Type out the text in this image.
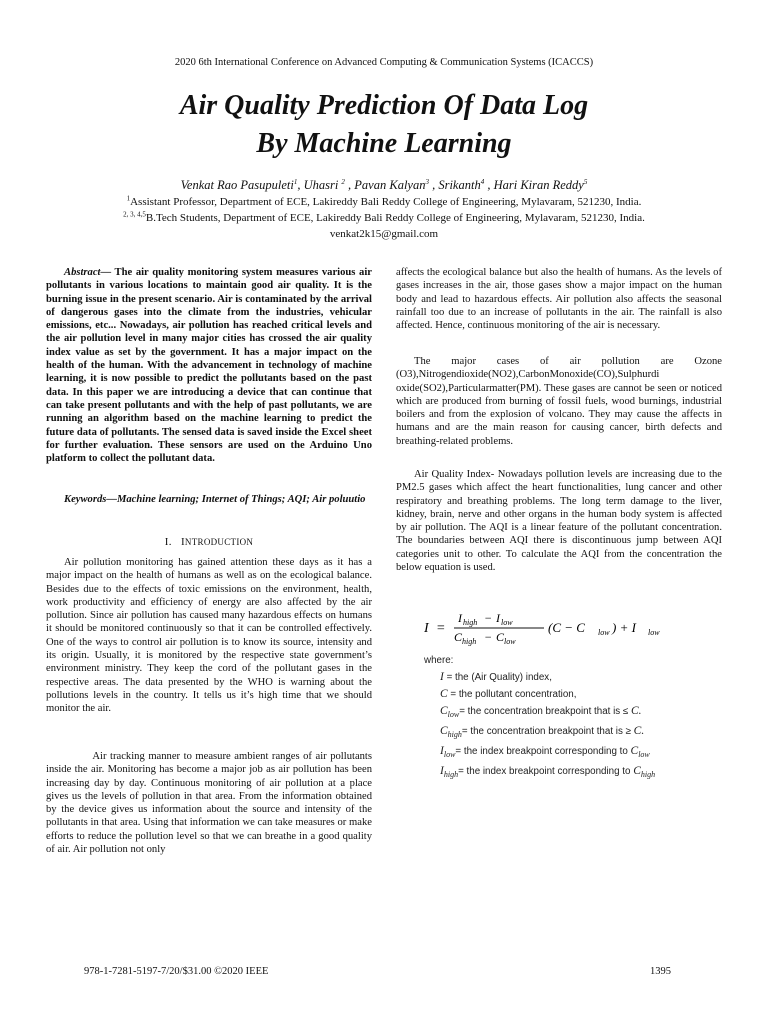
2020 6th International Conference on Advanced Computing & Communication Systems (ICACCS)
Air Quality Prediction Of Data Log
By Machine Learning
Venkat Rao Pasupuleti$^1$, Uhasri $^2$ , Pavan Kalyan$^3$ , Srikanth$^4$ , Hari Kiran Reddy$^5$
$^1$Assistant Professor, Department of ECE, Lakireddy Bali Reddy College of Engineering, Mylavaram, 521230, India.
$^{2, 3, 4,5}$B.Tech Students, Department of ECE, Lakireddy Bali Reddy College of Engineering, Mylavaram, 521230, India.
venkat2k15@gmail.com
Abstract— The air quality monitoring system measures various air pollutants in various locations to maintain good air quality. It is the burning issue in the present scenario. Air is contaminated by the arrival of dangerous gases into the climate from the industries, vehicular emissions, etc... Nowadays, air pollution has reached critical levels and the air pollution level in many major cities has crossed the air quality index value as set by the government. It has a major impact on the health of the human. With the advancement in technology of machine learning, it is now possible to predict the pollutants based on the past data. In this paper we are introducing a device that can continue that can take present pollutants and with the help of past pollutants, we are running an algorithm based on the machine learning to predict the future data of pollutants. The sensed data is saved inside the Excel sheet for further evaluation. These sensors are used on the Arduino Uno platform to collect the pollutant data.
Keywords—Machine learning; Internet of Things; AQI; Air poluutio
I. INTRODUCTION

Air pollution monitoring has gained attention these days as it has a major impact on the health of humans as well as on the ecological balance. Besides due to the effects of toxic emissions on the environment, health, work productivity and efficiency of energy are also affected by the air pollution. Since air pollution has caused many hazardous effects on humans it should be monitored continuously so that it can be controlled effectively. One of the ways to control air pollution is to know its source, intensity and its origin. Usually, it is monitored by the respective state government’s environment ministry. They keep the cord of the pollutant gases in the respective areas. The data presented by the WHO is warning about the pollutions levels in the country. It tells us it’s high time that we should monitor the air.

Air tracking manner to measure ambient ranges of air pollutants inside the air. Monitoring has become a major job as air pollution has been increasing day by day. Continuous monitoring of air pollution at a place gives us the levels of pollution in that area. From the information obtained by the device gives us information about the source and intensity of the pollutants in that area. Using that information we can take measures or make efforts to reduce the pollution level so that we can breathe in a good quality of air. Air pollution not only

affects the ecological balance but also the health of humans. As the levels of gases increases in the air, those gases show a major impact on the human body and lead to hazardous effects. Air pollution also affects the seasonal rainfall too due to an increase of pollutants in the air. The rainfall is also affected. Hence, continuous monitoring of the air is necessary.

The major cases of air pollution are Ozone (O3),Nitrogendioxide(NO2),CarbonMonoxide(CO),Sulphurdi oxide(SO2),Particularmatter(PM). These gases are cannot be seen or noticed which are produced from burning of fossil fuels, wood burnings, industrial boilers and from the explosion of volcano. They may cause the affects in humans and are the main reason for causing cancer, birth defects and breathing-related problems.

Air Quality Index- Nowadays pollution levels are increasing due to the PM2.5 gases which affect the heart functionalities, lung cancer and other respiratory and breathing problems. The long term damage to the liver, kidney, brain, nerve and other organs in the human body system is affected by air pollution. The AQI is a linear feature of the pollutant concentration. The boundaries between AQI there is discontinuous jump between AQI categories unit to other. To calculate the AQI from the concentration the below equation is used.

I =
I high − I low
C high − C low
(C − C low ) + I low
where:
I = the (Air Quality) index,
C = the pollutant concentration,
$C_{low}=$ the concentration breakpoint that is ≤ C.
$C_{high}=$ the concentration breakpoint that is ≥ C.
$I_{low}=$ the index breakpoint corresponding to $C_{low}$
$I_{high}=$ the index breakpoint corresponding to $C_{high}$
978-1-7281-5197-7/20/$31.00 ©2020 IEEE	1395
